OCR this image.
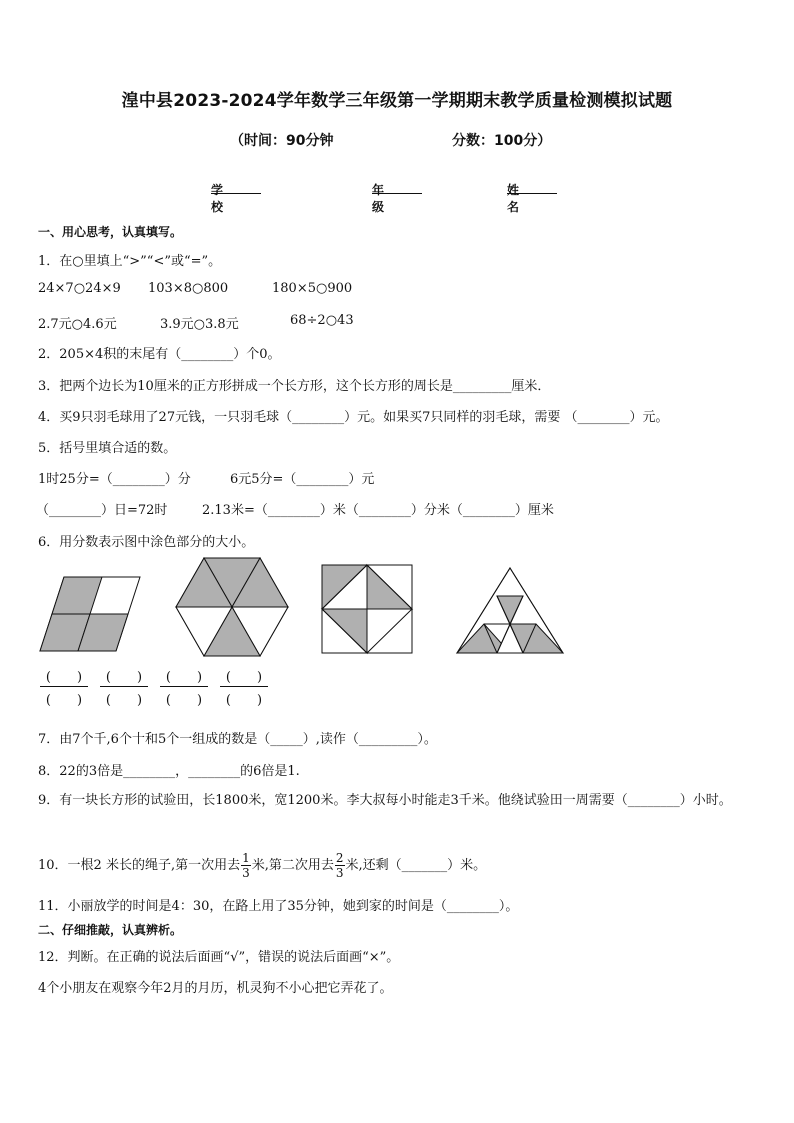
湟中县2023-2024学年数学三年级第一学期期末教学质量检测模拟试题
（时间：90分钟	分数：100分）
学校
年级
姓名
一、用心思考，认真填写。
1．在○里填上“>”“<”或“=”。
24×7○24×9 103×8○800	180×5○900
2.7元○4.6元	3.9元○3.8元	68÷2○43
2．205×4积的末尾有（________）个0。
3．把两个边长为10厘米的正方形拼成一个长方形，这个长方形的周长是_________厘米．
4．买9只羽毛球用了27元钱，一只羽毛球（________）元。如果买7只同样的羽毛球，需要 （________）元。
5．括号里填合适的数。
1时25分=（________）分	6元5分=（________）元
（________）日=72时	2.13米=（________）米（________）分米（________）厘米
6．用分数表示图中涂色部分的大小。
(　　)
(　　)
(　　)
(　　)
(　　)
(　　)
(　　)
(　　)
7．由7个千,6个十和5个一组成的数是（_____）,读作（_________）。
8．22的3倍是________，________的6倍是1.
9．有一块长方形的试验田，长1800米，宽1200米。李大叔每小时能走3千米。他绕试验田一周需要（________）小时。
10．一根2 米长的绳子,第一次用去 $\frac{1}{3}$ 米,第二次用去 $\frac{2}{3}$ 米,还剩（_______）米。
11．小丽放学的时间是4：30，在路上用了35分钟，她到家的时间是（________）。
二、仔细推敲，认真辨析。
12．判断。在正确的说法后面画“√”，错误的说法后面画“×”。
4个小朋友在观察今年2月的月历，机灵狗不小心把它弄花了。
